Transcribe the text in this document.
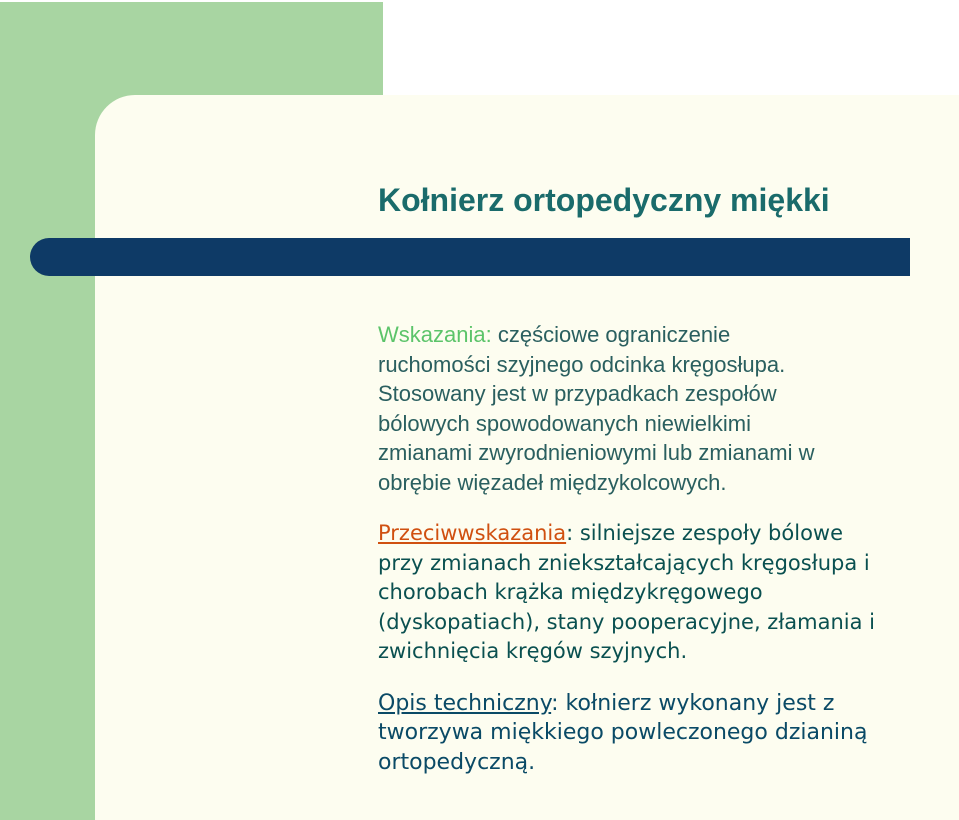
Kołnierz ortopedyczny miękki

Wskazania: częściowe ograniczenie
ruchomości szyjnego odcinka kręgosłupa.
Stosowany jest w przypadkach zespołów
bólowych spowodowanych niewielkimi
zmianami zwyrodnieniowymi lub zmianami w
obrębie więzadeł międzykolcowych.

Przeciwwskazania: silniejsze zespoły bólowe
przy zmianach zniekształcających kręgosłupa i
chorobach krążka międzykręgowego
(dyskopatiach), stany pooperacyjne, złamania i
zwichnięcia kręgów szyjnych.

Opis techniczny: kołnierz wykonany jest z
tworzywa miękkiego powleczonego dzianiną
ortopedyczną.
